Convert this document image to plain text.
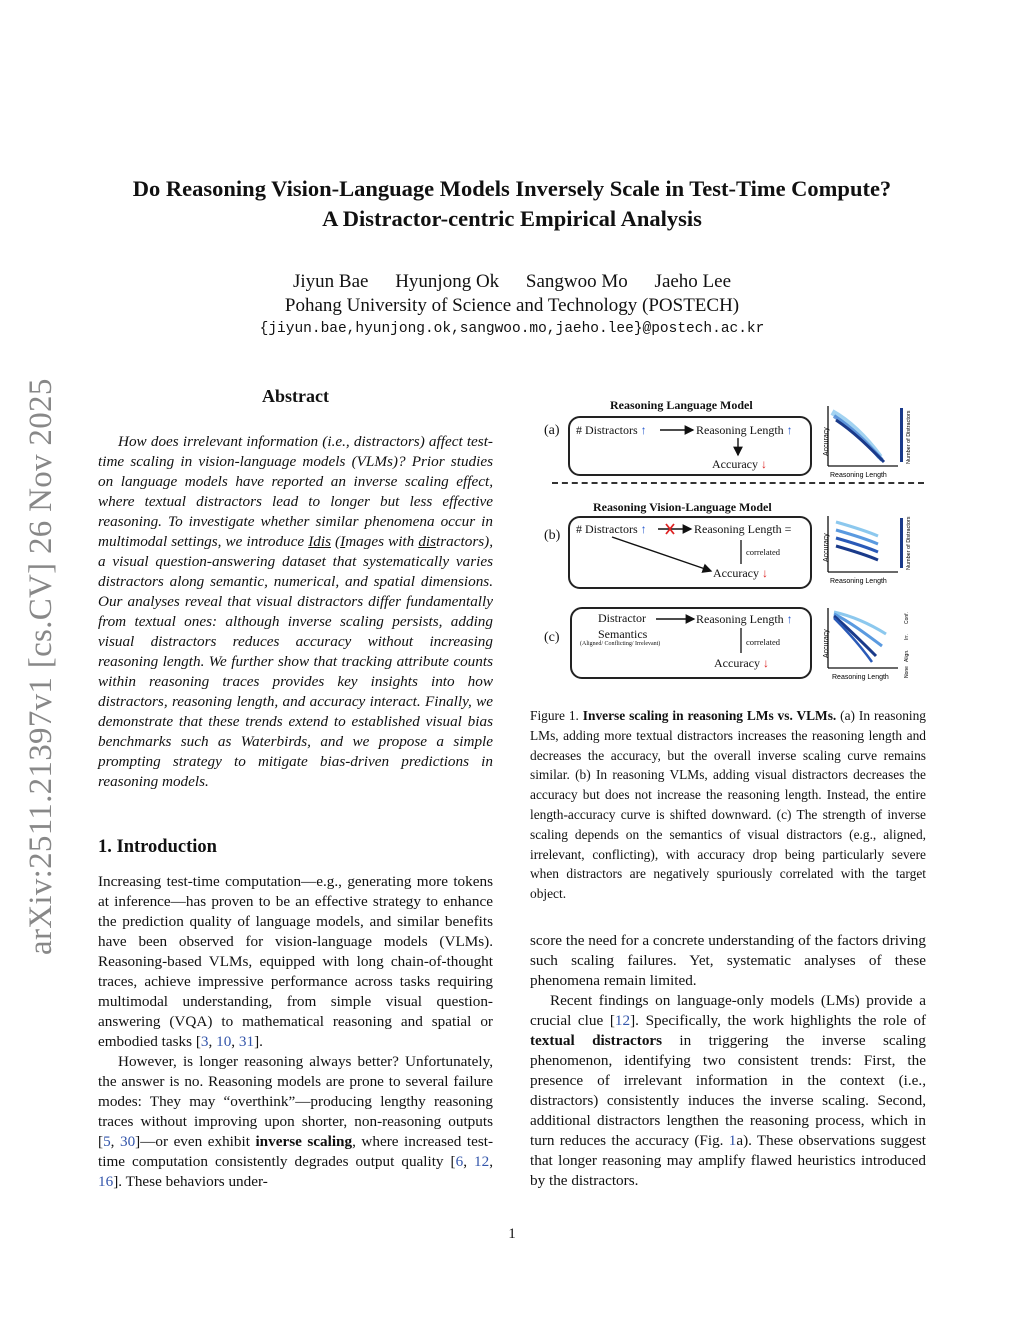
arXiv:2511.21397v1 [cs.CV] 26 Nov 2025
Do Reasoning Vision-Language Models Inversely Scale in Test-Time Compute?
A Distractor-centric Empirical Analysis
Jiyun Bae Hyunjong Ok Sangwoo Mo Jaeho Lee
Pohang University of Science and Technology (POSTECH)
{jiyun.bae,hyunjong.ok,sangwoo.mo,jaeho.lee}@postech.ac.kr
Abstract

How does irrelevant information (i.e., distractors) affect test-time scaling in vision-language models (VLMs)? Prior studies on language models have reported an inverse scaling effect, where textual distractors lead to longer but less effective reasoning. To investigate whether similar phenomena occur in multimodal settings, we introduce Idis (Images with distractors), a visual question-answering dataset that systematically varies distractors along semantic, numerical, and spatial dimensions. Our analyses reveal that visual distractors differ fundamentally from textual ones: although inverse scaling persists, adding visual distractors reduces accuracy without increasing reasoning length. We further show that tracking attribute counts within reasoning traces provides key insights into how distractors, reasoning length, and accuracy interact. Finally, we demonstrate that these trends extend to established visual bias benchmarks such as Waterbirds, and we propose a simple prompting strategy to mitigate bias-driven predictions in reasoning models.

1. Introduction

Increasing test-time computation—e.g., generating more tokens at inference—has proven to be an effective strategy to enhance the prediction quality of language models, and similar benefits have been observed for vision-language models (VLMs). Reasoning-based VLMs, equipped with long chain-of-thought traces, achieve impressive performance across tasks requiring multimodal understanding, from simple visual question-answering (VQA) to mathematical reasoning and spatial or embodied tasks [3, 10, 31].

However, is longer reasoning always better? Unfortunately, the answer is no. Reasoning models are prone to several failure modes: They may “overthink”—producing lengthy reasoning traces without improving upon shorter, non-reasoning outputs [5, 30]—or even exhibit inverse scaling, where increased test-time computation consistently degrades output quality [6, 12, 16]. These behaviors under-

Reasoning Language Model
(a) # Distractors ↑	Reasoning Length ↑
Accuracy ↓
Reasoning Vision-Language Model
(b) # Distractors ↑	Reasoning Length =
correlated
Accuracy ↓
(c)
Distractor
Semantics
(Aligned/ Conflicting/ Irrelevant)
Reasoning Length ↑
correlated
Accuracy ↓
Accuracy
Reasoning Length
Number of Distractors
Accuracy
Reasoning Length
Number of Distractors
Accuracy
Reasoning Length	None
Align.
Irr.
Conf.

Figure 1. Inverse scaling in reasoning LMs vs. VLMs. (a) In reasoning LMs, adding more textual distractors increases the reasoning length and decreases the accuracy, but the overall inverse scaling curve remains similar. (b) In reasoning VLMs, adding visual distractors decreases the accuracy but does not increase the reasoning length. Instead, the entire length-accuracy curve is shifted downward. (c) The strength of inverse scaling depends on the semantics of visual distractors (e.g., aligned, irrelevant, conflicting), with accuracy drop being particularly severe when distractors are negatively spuriously correlated with the target object.

score the need for a concrete understanding of the factors driving such scaling failures. Yet, systematic analyses of these phenomena remain limited.

Recent findings on language-only models (LMs) provide a crucial clue [12]. Specifically, the work highlights the role of textual distractors in triggering the inverse scaling phenomenon, identifying two consistent trends: First, the presence of irrelevant information in the context (i.e., distractors) consistently induces the inverse scaling. Second, additional distractors lengthen the reasoning process, which in turn reduces the accuracy (Fig. 1a). These observations suggest that longer reasoning may amplify flawed heuristics introduced by the distractors.

1
